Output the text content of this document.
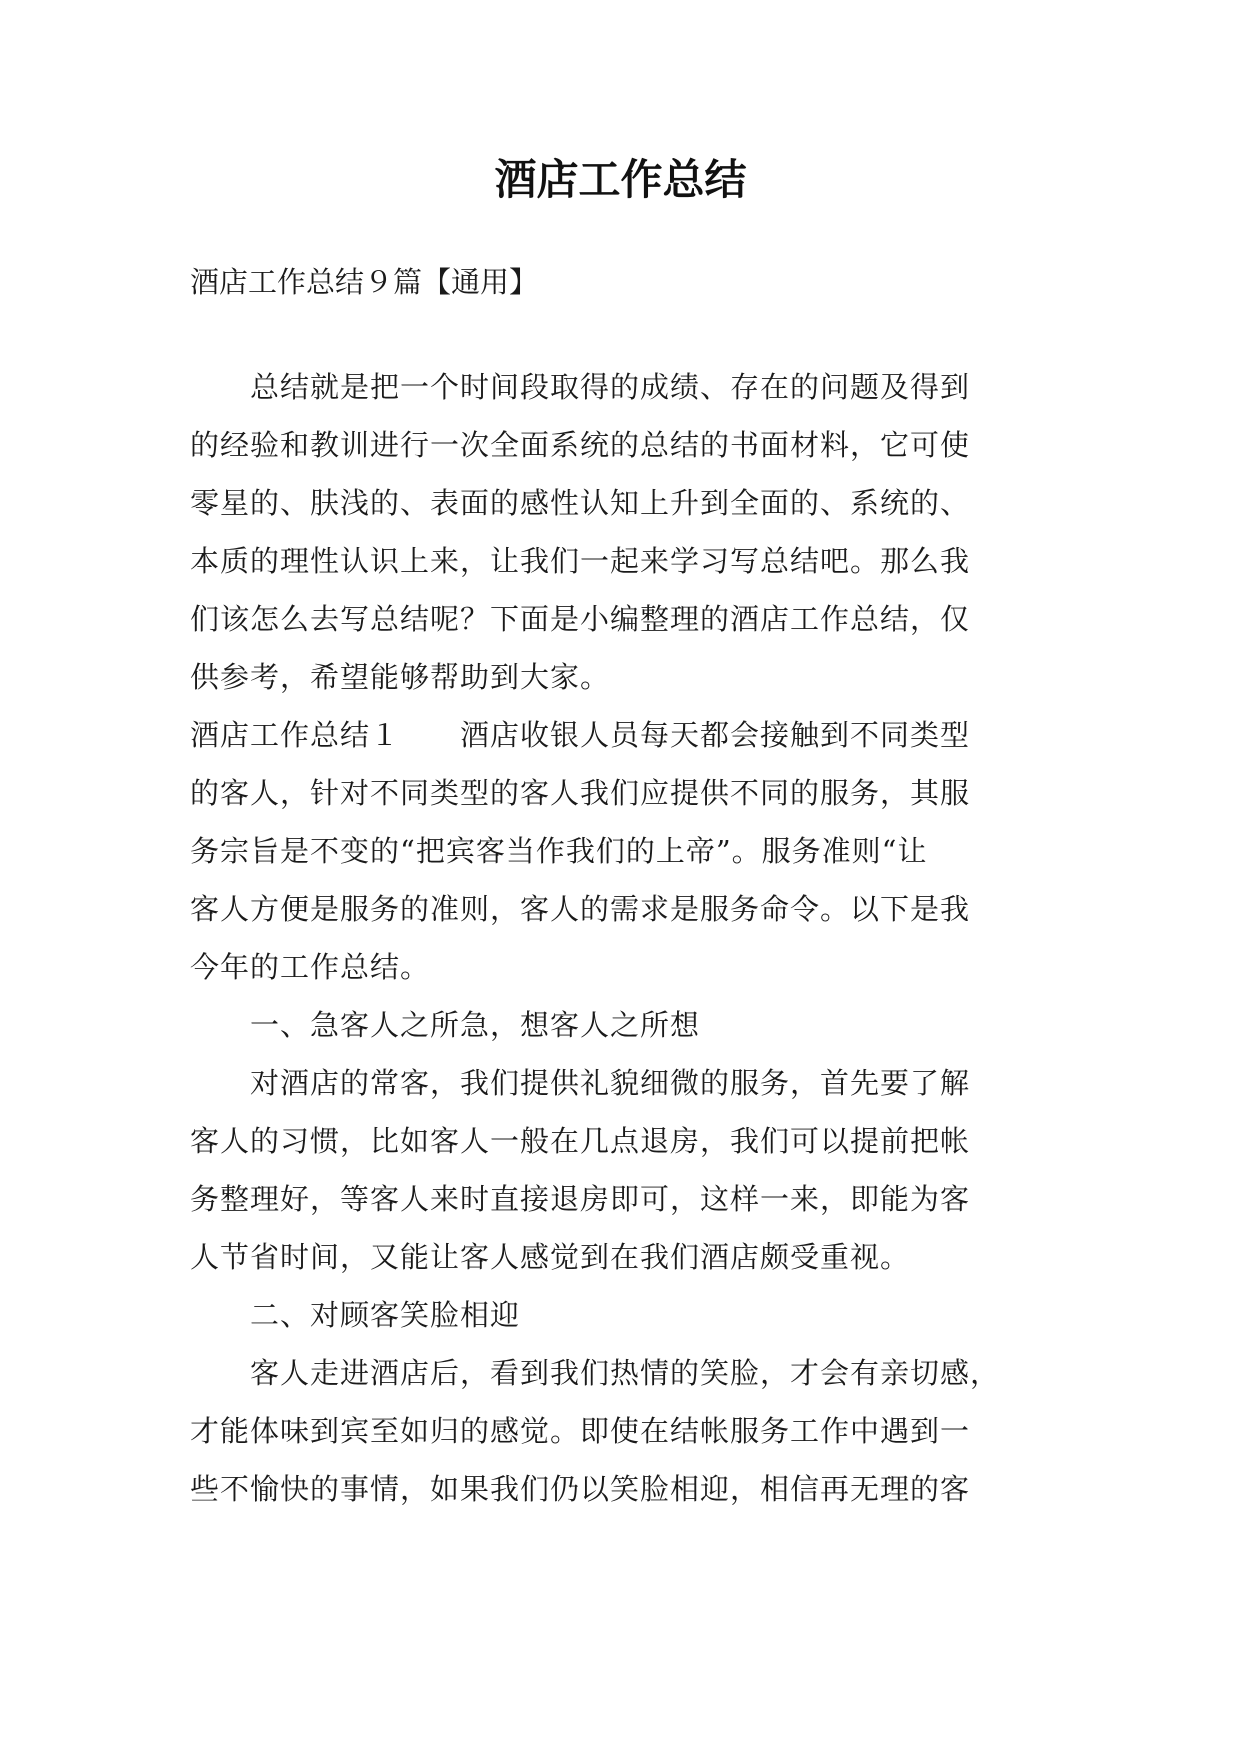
酒店工作总结
酒店工作总结９篇【通用】
　　总结就是把一个时间段取得的成绩、存在的问题及得到
的经验和教训进行一次全面系统的总结的书面材料，它可使
零星的、肤浅的、表面的感性认知上升到全面的、系统的、
本质的理性认识上来，让我们一起来学习写总结吧。那么我
们该怎么去写总结呢？下面是小编整理的酒店工作总结，仅
供参考，希望能够帮助到大家。
酒店工作总结１　　酒店收银人员每天都会接触到不同类型
的客人，针对不同类型的客人我们应提供不同的服务，其服
务宗旨是不变的“把宾客当作我们的上帝”。服务准则“让
客人方便是服务的准则，客人的需求是服务命令。以下是我
今年的工作总结。
　　一、急客人之所急，想客人之所想
　　对酒店的常客，我们提供礼貌细微的服务，首先要了解
客人的习惯，比如客人一般在几点退房，我们可以提前把帐
务整理好，等客人来时直接退房即可，这样一来，即能为客
人节省时间，又能让客人感觉到在我们酒店颇受重视。
　　二、对顾客笑脸相迎
　　客人走进酒店后，看到我们热情的笑脸，才会有亲切感，
才能体味到宾至如归的感觉。即使在结帐服务工作中遇到一
些不愉快的事情，如果我们仍以笑脸相迎，相信再无理的客
